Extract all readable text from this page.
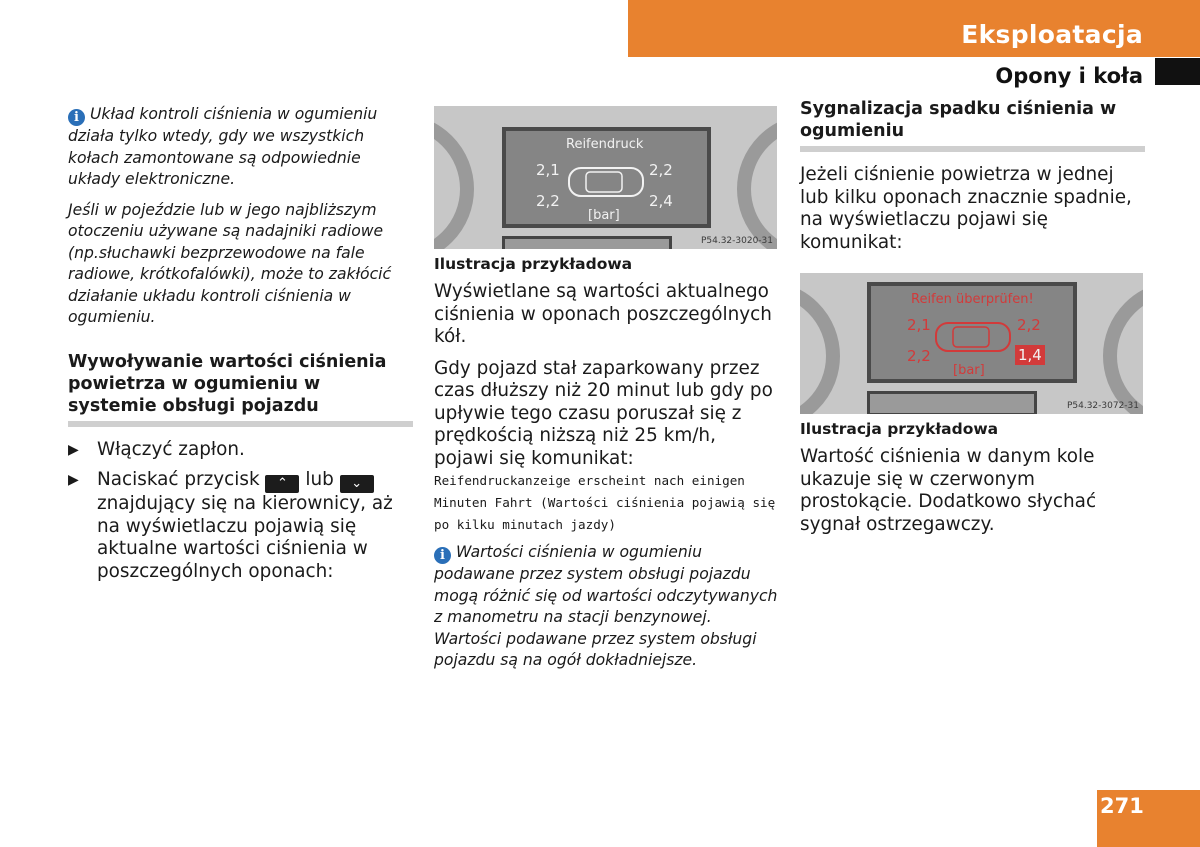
Eksploatacja
Opony i koła

i Układ kontroli ciśnienia w ogumieniu działa tylko wtedy, gdy we wszystkich kołach zamontowane są odpowiednie układy elektroniczne.

Jeśli w pojeździe lub w jego najbliższym otoczeniu używane są nadajniki radiowe (np.słuchawki bezprzewodowe na fale radiowe, krótkofalówki), może to zakłócić działanie układu kontroli ciśnienia w ogumieniu.

Wywoływanie wartości ciśnienia powietrza w ogumieniu w systemie obsługi pojazdu

▶ Włączyć zapłon.
▶ Naciskać przycisk ⌃ lub ⌄ znajdujący się na kierownicy, aż na wyświetlaczu pojawią się aktualne wartości ciśnienia w poszczególnych oponach:
Reifendruck
2,1	2,2
2,2	2,4
[bar]
P54.32-3020-31

Ilustracja przykładowa

Wyświetlane są wartości aktualnego ciśnienia w oponach poszczególnych kół.

Gdy pojazd stał zaparkowany przez czas dłuższy niż 20 minut lub gdy po upływie tego czasu poruszał się z prędkością niższą niż 25 km/h, pojawi się komunikat:

Reifendruckanzeige erscheint nach einigen Minuten Fahrt (Wartości ciśnienia pojawią się po kilku minutach jazdy)

i Wartości ciśnienia w ogumieniu podawane przez system obsługi pojazdu mogą różnić się od wartości odczytywanych z manometru na stacji benzynowej. Wartości podawane przez system obsługi pojazdu są na ogół dokładniejsze.

Sygnalizacja spadku ciśnienia w ogumieniu

Jeżeli ciśnienie powietrza w jednej lub kilku oponach znacznie spadnie, na wyświetlaczu pojawi się komunikat:

Reifen überprüfen!
2,1	2,2
2,2	1,4
[bar]
P54.32-3072-31

Ilustracja przykładowa

Wartość ciśnienia w danym kole ukazuje się w czerwonym prostokącie. Dodatkowo słychać sygnał ostrzegawczy.

271
